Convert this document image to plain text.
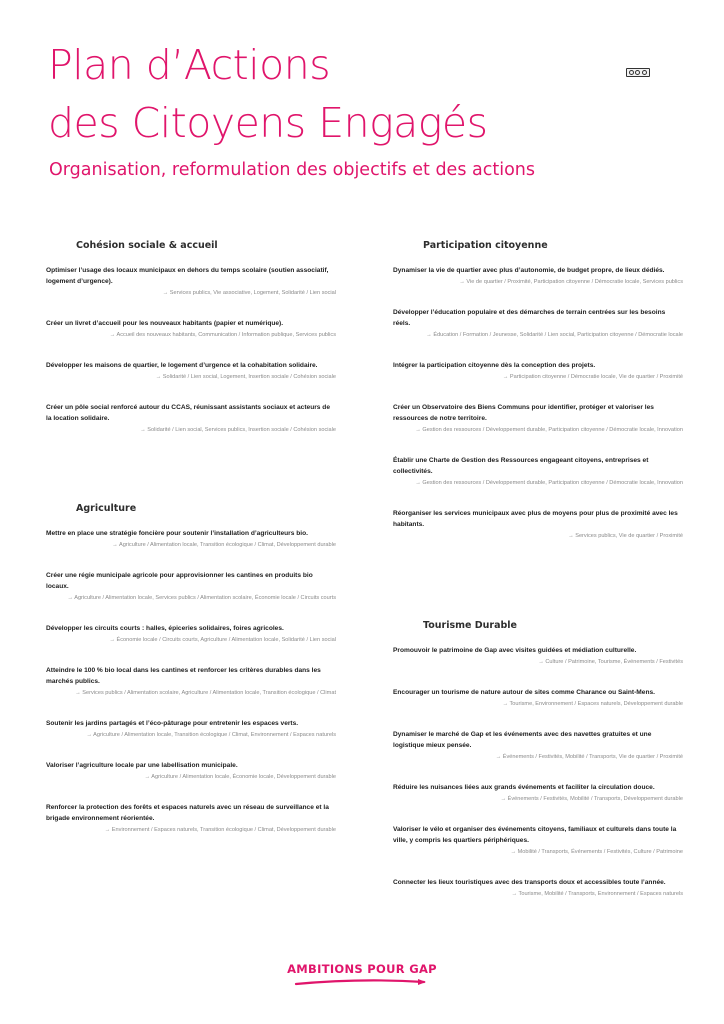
Plan d’Actions
des Citoyens Engagés
Organisation, reformulation des objectifs et des actions
Cohésion sociale & accueil
Optimiser l’usage des locaux municipaux en dehors du temps scolaire (soutien associatif, logement d’urgence).
→ Services publics, Vie associative, Logement, Solidarité / Lien social
Créer un livret d’accueil pour les nouveaux habitants (papier et numérique).
→ Accueil des nouveaux habitants, Communication / Information publique, Services publics
Développer les maisons de quartier, le logement d’urgence et la cohabitation solidaire.
→ Solidarité / Lien social, Logement, Insertion sociale / Cohésion sociale
Créer un pôle social renforcé autour du CCAS, réunissant assistants sociaux et acteurs de la location solidaire.
→ Solidarité / Lien social, Services publics, Insertion sociale / Cohésion sociale
Agriculture
Mettre en place une stratégie foncière pour soutenir l’installation d’agriculteurs bio.
→ Agriculture / Alimentation locale, Transition écologique / Climat, Développement durable
Créer une régie municipale agricole pour approvisionner les cantines en produits bio locaux.
→ Agriculture / Alimentation locale, Services publics / Alimentation scolaire, Économie locale / Circuits courts
Développer les circuits courts : halles, épiceries solidaires, foires agricoles.
→ Économie locale / Circuits courts, Agriculture / Alimentation locale, Solidarité / Lien social
Atteindre le 100 % bio local dans les cantines et renforcer les critères durables dans les marchés publics.
→ Services publics / Alimentation scolaire, Agriculture / Alimentation locale, Transition écologique / Climat
Soutenir les jardins partagés et l’éco-pâturage pour entretenir les espaces verts.
→ Agriculture / Alimentation locale, Transition écologique / Climat, Environnement / Espaces naturels
Valoriser l’agriculture locale par une labellisation municipale.
→ Agriculture / Alimentation locale, Économie locale, Développement durable
Renforcer la protection des forêts et espaces naturels avec un réseau de surveillance et la brigade environnement réorientée.
→ Environnement / Espaces naturels, Transition écologique / Climat, Développement durable
Participation citoyenne
Dynamiser la vie de quartier avec plus d’autonomie, de budget propre, de lieux dédiés.
→ Vie de quartier / Proximité, Participation citoyenne / Démocratie locale, Services publics
Développer l’éducation populaire et des démarches de terrain centrées sur les besoins réels.
→ Éducation / Formation / Jeunesse, Solidarité / Lien social, Participation citoyenne / Démocratie locale
Intégrer la participation citoyenne dès la conception des projets.
→ Participation citoyenne / Démocratie locale, Vie de quartier / Proximité
Créer un Observatoire des Biens Communs pour identifier, protéger et valoriser les ressources de notre territoire.
→ Gestion des ressources / Développement durable, Participation citoyenne / Démocratie locale, Innovation
Établir une Charte de Gestion des Ressources engageant citoyens, entreprises et collectivités.
→ Gestion des ressources / Développement durable, Participation citoyenne / Démocratie locale, Innovation
Réorganiser les services municipaux avec plus de moyens pour plus de proximité avec les habitants.
→ Services publics, Vie de quartier / Proximité
Tourisme Durable
Promouvoir le patrimoine de Gap avec visites guidées et médiation culturelle.
→ Culture / Patrimoine, Tourisme, Événements / Festivités
Encourager un tourisme de nature autour de sites comme Charance ou Saint-Mens.
→ Tourisme, Environnement / Espaces naturels, Développement durable
Dynamiser le marché de Gap et les événements avec des navettes gratuites et une logistique mieux pensée.
→ Événements / Festivités, Mobilité / Transports, Vie de quartier / Proximité
Réduire les nuisances liées aux grands événements et faciliter la circulation douce.
→ Événements / Festivités, Mobilité / Transports, Développement durable
Valoriser le vélo et organiser des événements citoyens, familiaux et culturels dans toute la ville, y compris les quartiers périphériques.
→ Mobilité / Transports, Événements / Festivités, Culture / Patrimoine
Connecter les lieux touristiques avec des transports doux et accessibles toute l’année.
→ Tourisme, Mobilité / Transports, Environnement / Espaces naturels
AMBITIONS POUR GAP
